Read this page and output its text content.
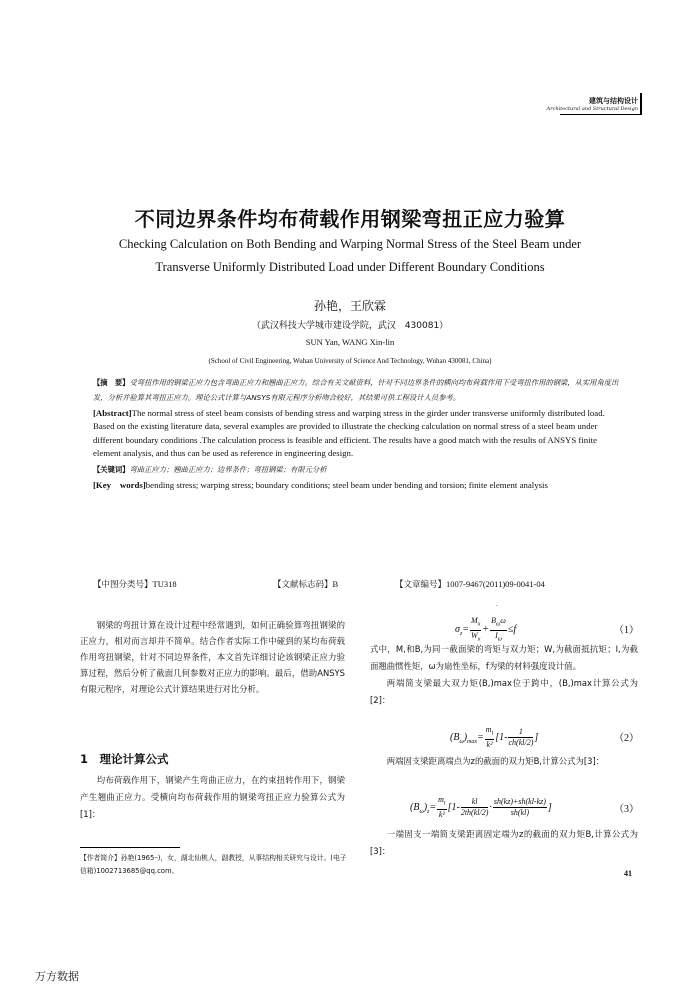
建筑与结构设计
Architectural and Structural Design
不同边界条件均布荷载作用钢梁弯扭正应力验算
Checking Calculation on Both Bending and Warping Normal Stress of the Steel Beam under
Transverse Uniformly Distributed Load under Different Boundary Conditions
孙艳，王欣霖
（武汉科技大学城市建设学院，武汉　430081）
SUN Yan, WANG Xin-lin
(School of Civil Engineering, Wuhan University of Science And Technology, Wuhan 430081, China)

【摘　要】受弯扭作用的钢梁正应力包含弯曲正应力和翘曲正应力。综合有关文献资料，针对不同边界条件的横向均布荷载作用下受弯扭作用的钢梁，从实用角度出发，分析并验算其弯扭正应力。理论公式计算与ANSYS有限元程序分析吻合较好，其结果可供工程设计人员参考。

[Abstract]The normal stress of steel beam consists of bending stress and warping stress in the girder under transverse uniformly distributed load. Based on the existing literature data, several examples are provided to illustrate the checking calculation on normal stress of a steel beam under different boundary conditions .The calculation process is feasible and efficient. The results have a good match with the results of ANSYS finite element analysis, and thus can be used as reference in engineering design.

【关键词】弯曲正应力；翘曲正应力；边界条件；弯扭钢梁；有限元分析

[Key　words]bending stress; warping stress; boundary conditions; steel beam under bending and torsion; finite element analysis

【中图分类号】TU318	【文献标志码】B	【文章编号】1007-9467(2011)09-0041-04
·

钢梁的弯扭计算在设计过程中经常遇到，如何正确验算弯扭钢梁的正应力，相对而言却并不简单。结合作者实际工作中碰到的某均布荷载作用弯扭钢梁，针对不同边界条件，本文首先详细讨论该钢梁正应力验算过程，然后分析了截面几何参数对正应力的影响。最后，借助ANSYS有限元程序，对理论公式计算结果进行对比分析。

1　理论计算公式

均布荷载作用下，钢梁产生弯曲正应力，在约束扭转作用下，钢梁产生翘曲正应力。受横向均布荷载作用的钢梁弯扭正应力验算公式为[1]：

【作者简介】孙艳(1965–)，女，湖北仙桃人，副教授，从事结构相关研究与设计。(电子信箱)1002713685@qq.com。
$\sigma_z= \frac{M_x}{W_x} + \frac{B_\omega\omega}{I_\omega} \le f$	（1）

式中，M,和B,为同一截面梁的弯矩与双力矩；W,为截面抵抗矩；I,为截面翘曲惯性矩，ω为扇性坐标，f为梁的材料强度设计值。

两端简支梁最大双力矩(B,)max位于跨中，(B,)max计算公式为[2]：

$(B_\omega)_{max}= \frac{m_t}{\text{k²}} [1- \frac{1}{ch(kl/2)}$ ]	（2）

两端固支梁距离端点为z的截面的双力矩B,计算公式为[3]：

$(B_\omega)_z= \frac{m_t}{\text{k²}} [1- \frac{kl}{2th(kl/2)} \cdot \frac{sh(kz)+sh(kl-kz)}{sh(kl)}$ ]	（3）

一端固支一端简支梁距离固定端为z的截面的双力矩B,计算公式为[3]：

41
万方数据
